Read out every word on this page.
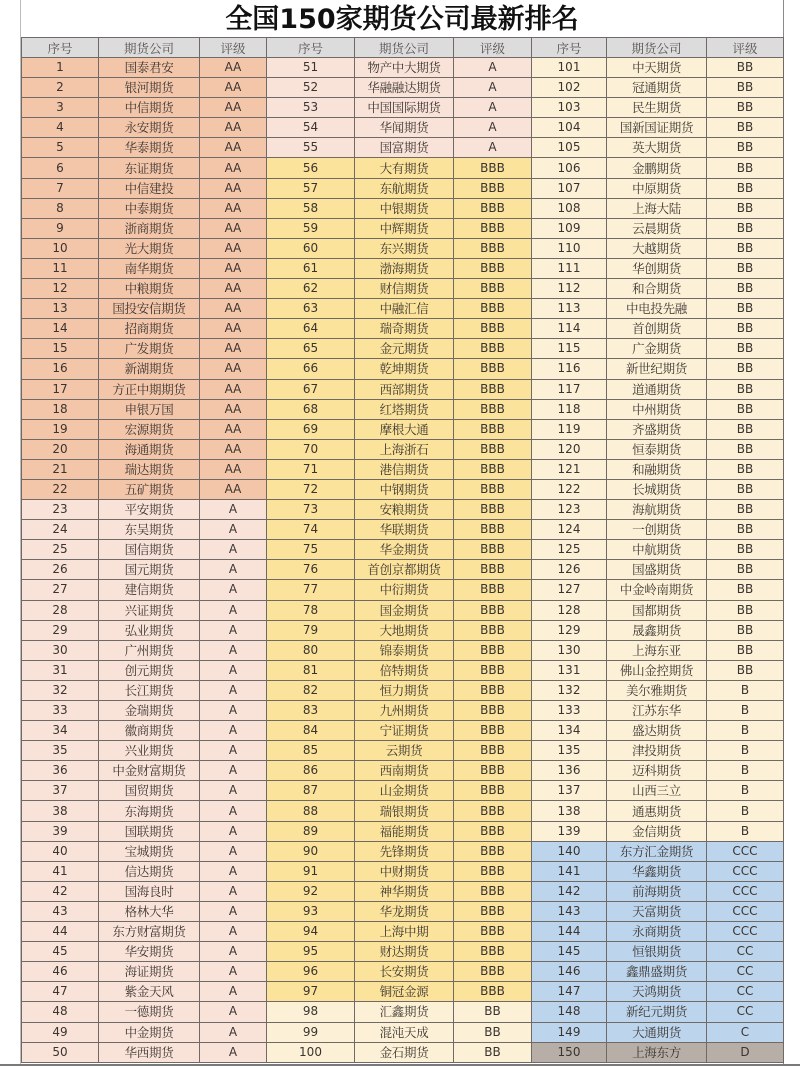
全国150家期货公司最新排名
序号	期货公司	评级	序号	期货公司	评级	序号	期货公司	评级
1	国泰君安	AA	51	物产中大期货	A	101	中天期货	BB
2	银河期货	AA	52	华融融达期货	A	102	冠通期货	BB
3	中信期货	AA	53	中国国际期货	A	103	民生期货	BB
4	永安期货	AA	54	华闻期货	A	104	国新国证期货	BB
5	华泰期货	AA	55	国富期货	A	105	英大期货	BB
6	东证期货	AA	56	大有期货	BBB	106	金鹏期货	BB
7	中信建投	AA	57	东航期货	BBB	107	中原期货	BB
8	中泰期货	AA	58	中银期货	BBB	108	上海大陆	BB
9	浙商期货	AA	59	中辉期货	BBB	109	云晨期货	BB
10	光大期货	AA	60	东兴期货	BBB	110	大越期货	BB
11	南华期货	AA	61	渤海期货	BBB	111	华创期货	BB
12	中粮期货	AA	62	财信期货	BBB	112	和合期货	BB
13	国投安信期货	AA	63	中融汇信	BBB	113	中电投先融	BB
14	招商期货	AA	64	瑞奇期货	BBB	114	首创期货	BB
15	广发期货	AA	65	金元期货	BBB	115	广金期货	BB
16	新湖期货	AA	66	乾坤期货	BBB	116	新世纪期货	BB
17	方正中期期货	AA	67	西部期货	BBB	117	道通期货	BB
18	申银万国	AA	68	红塔期货	BBB	118	中州期货	BB
19	宏源期货	AA	69	摩根大通	BBB	119	齐盛期货	BB
20	海通期货	AA	70	上海浙石	BBB	120	恒泰期货	BB
21	瑞达期货	AA	71	港信期货	BBB	121	和融期货	BB
22	五矿期货	AA	72	中钢期货	BBB	122	长城期货	BB
23	平安期货	A	73	安粮期货	BBB	123	海航期货	BB
24	东吴期货	A	74	华联期货	BBB	124	一创期货	BB
25	国信期货	A	75	华金期货	BBB	125	中航期货	BB
26	国元期货	A	76	首创京都期货	BBB	126	国盛期货	BB
27	建信期货	A	77	中衍期货	BBB	127	中金岭南期货	BB
28	兴证期货	A	78	国金期货	BBB	128	国都期货	BB
29	弘业期货	A	79	大地期货	BBB	129	晟鑫期货	BB
30	广州期货	A	80	锦泰期货	BBB	130	上海东亚	BB
31	创元期货	A	81	倍特期货	BBB	131	佛山金控期货	BB
32	长江期货	A	82	恒力期货	BBB	132	美尔雅期货	B
33	金瑞期货	A	83	九州期货	BBB	133	江苏东华	B
34	徽商期货	A	84	宁证期货	BBB	134	盛达期货	B
35	兴业期货	A	85	云期货	BBB	135	津投期货	B
36	中金财富期货	A	86	西南期货	BBB	136	迈科期货	B
37	国贸期货	A	87	山金期货	BBB	137	山西三立	B
38	东海期货	A	88	瑞银期货	BBB	138	通惠期货	B
39	国联期货	A	89	福能期货	BBB	139	金信期货	B
40	宝城期货	A	90	先锋期货	BBB	140	东方汇金期货	CCC
41	信达期货	A	91	中财期货	BBB	141	华鑫期货	CCC
42	国海良时	A	92	神华期货	BBB	142	前海期货	CCC
43	格林大华	A	93	华龙期货	BBB	143	天富期货	CCC
44	东方财富期货	A	94	上海中期	BBB	144	永商期货	CCC
45	华安期货	A	95	财达期货	BBB	145	恒银期货	CC
46	海证期货	A	96	长安期货	BBB	146	鑫鼎盛期货	CC
47	紫金天风	A	97	铜冠金源	BBB	147	天鸿期货	CC
48	一德期货	A	98	汇鑫期货	BB	148	新纪元期货	CC
49	中金期货	A	99	混沌天成	BB	149	大通期货	C
50	华西期货	A	100	金石期货	BB	150	上海东方	D
